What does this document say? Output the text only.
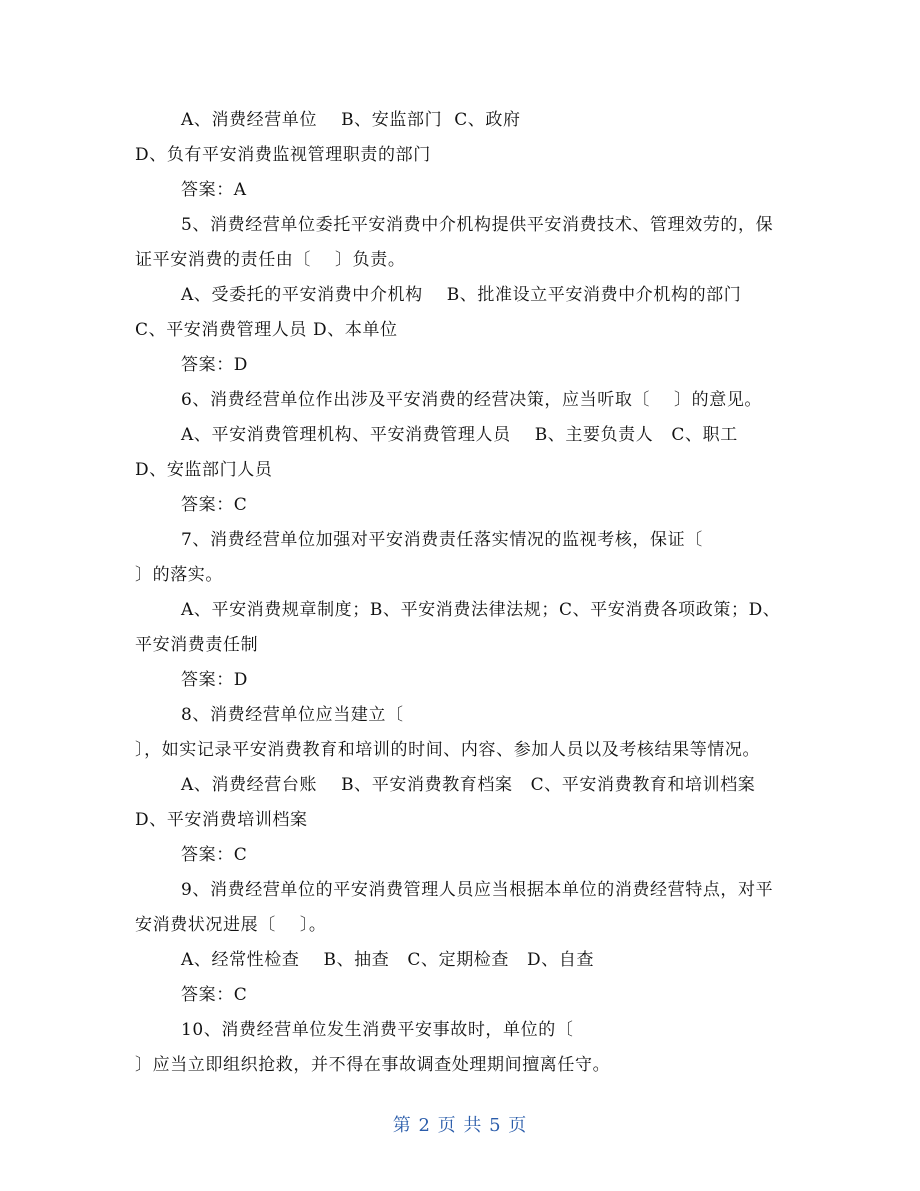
A、消费经营单位    B、安监部门  C、政府
D、负有平安消费监视管理职责的部门
答案：A
5、消费经营单位委托平安消费中介机构提供平安消费技术、管理效劳的，保
证平安消费的责任由〔    〕负责。
A、受委托的平安消费中介机构    B、批准设立平安消费中介机构的部门
C、平安消费管理人员 D、本单位
答案：D
6、消费经营单位作出涉及平安消费的经营决策，应当听取〔    〕的意见。
A、平安消费管理机构、平安消费管理人员    B、主要负责人   C、职工
D、安监部门人员
答案：C
7、消费经营单位加强对平安消费责任落实情况的监视考核，保证〔
〕的落实。
A、平安消费规章制度；B、平安消费法律法规；C、平安消费各项政策；D、
平安消费责任制
答案：D
8、消费经营单位应当建立〔
〕，如实记录平安消费教育和培训的时间、内容、参加人员以及考核结果等情况。
A、消费经营台账    B、平安消费教育档案   C、平安消费教育和培训档案
D、平安消费培训档案
答案：C
9、消费经营单位的平安消费管理人员应当根据本单位的消费经营特点，对平
安消费状况进展〔    〕。
A、经常性检查    B、抽查   C、定期检查   D、自查
答案：C
10、消费经营单位发生消费平安事故时，单位的〔
〕应当立即组织抢救，并不得在事故调查处理期间擅离任守。
第 2 页 共 5 页
